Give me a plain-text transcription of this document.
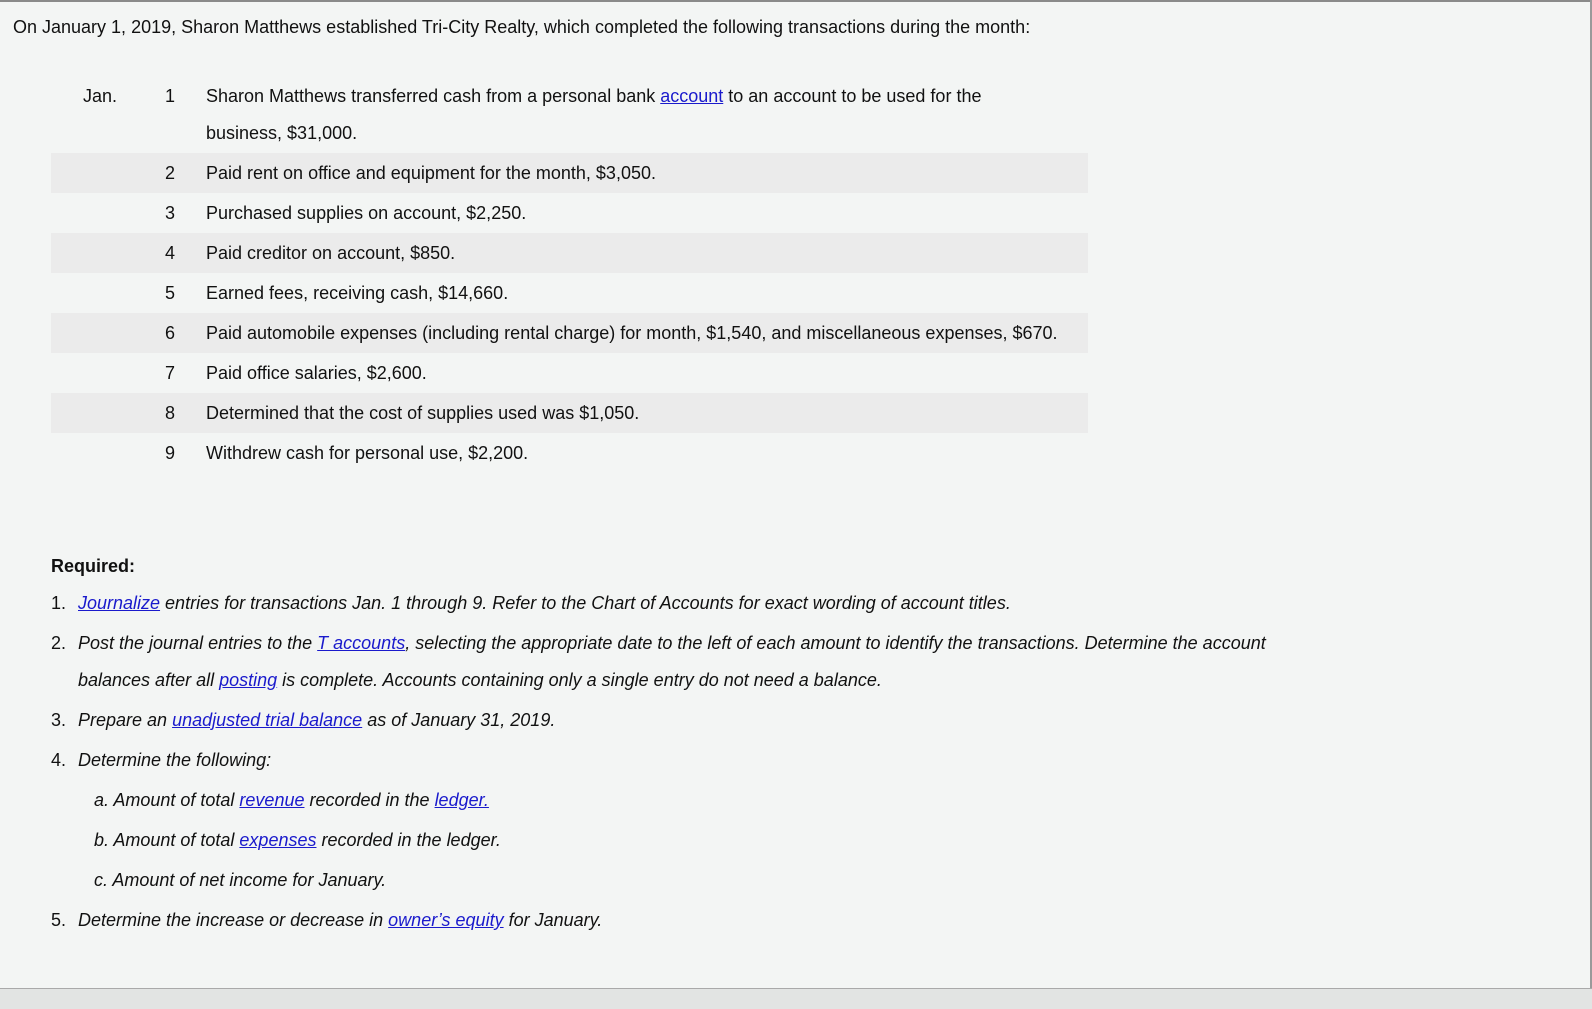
On January 1, 2019, Sharon Matthews established Tri-City Realty, which completed the following transactions during the month:
Jan.	1	Sharon Matthews transferred cash from a personal bank account to an account to be used for the business, $31,000.
2	Paid rent on office and equipment for the month, $3,050.
3	Purchased supplies on account, $2,250.
4	Paid creditor on account, $850.
5	Earned fees, receiving cash, $14,660.
6	Paid automobile expenses (including rental charge) for month, $1,540, and miscellaneous expenses, $670.
7	Paid office salaries, $2,600.
8	Determined that the cost of supplies used was $1,050.
9	Withdrew cash for personal use, $2,200.
Required:
1. Journalize entries for transactions Jan. 1 through 9. Refer to the Chart of Accounts for exact wording of account titles.
2. Post the journal entries to the T accounts, selecting the appropriate date to the left of each amount to identify the transactions. Determine the account balances after all posting is complete. Accounts containing only a single entry do not need a balance.
3. Prepare an unadjusted trial balance as of January 31, 2019.
4. Determine the following:
a. Amount of total revenue recorded in the ledger.
b. Amount of total expenses recorded in the ledger.
c. Amount of net income for January.
5. Determine the increase or decrease in owner’s equity for January.
